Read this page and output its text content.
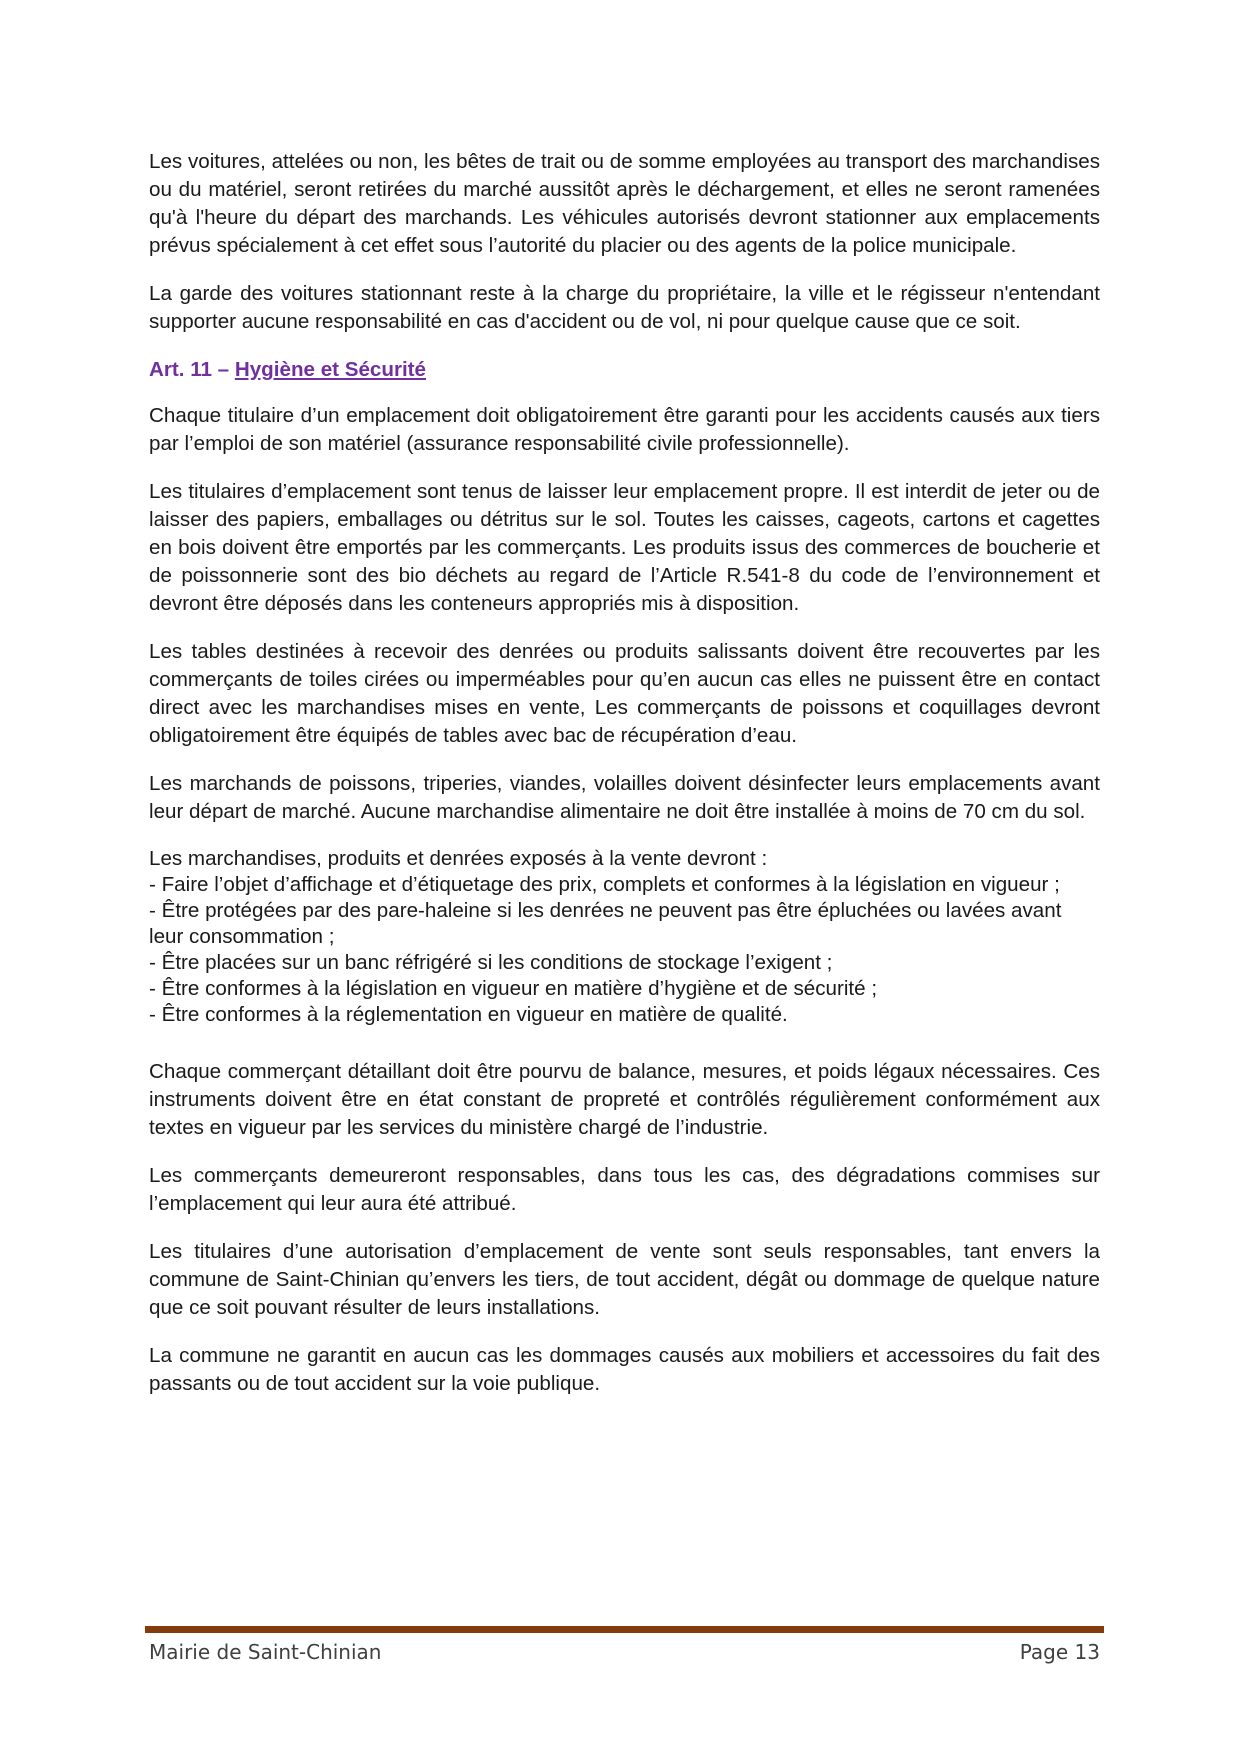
Les voitures, attelées ou non, les bêtes de trait ou de somme employées au transport des marchandises ou du matériel, seront retirées du marché aussitôt après le déchargement, et elles ne seront ramenées qu'à l'heure du départ des marchands. Les véhicules autorisés devront stationner aux emplacements prévus spécialement à cet effet sous l’autorité du placier ou des agents de la police municipale.

La garde des voitures stationnant reste à la charge du propriétaire, la ville et le régisseur n'entendant supporter aucune responsabilité en cas d'accident ou de vol, ni pour quelque cause que ce soit.

Art. 11 – Hygiène et Sécurité

Chaque titulaire d’un emplacement doit obligatoirement être garanti pour les accidents causés aux tiers par l’emploi de son matériel (assurance responsabilité civile professionnelle).

Les titulaires d’emplacement sont tenus de laisser leur emplacement propre. Il est interdit de jeter ou de laisser des papiers, emballages ou détritus sur le sol. Toutes les caisses, cageots, cartons et cagettes en bois doivent être emportés par les commerçants. Les produits issus des commerces de boucherie et de poissonnerie sont des bio déchets au regard de l’Article R.541-8 du code de l’environnement et devront être déposés dans les conteneurs appropriés mis à disposition.

Les tables destinées à recevoir des denrées ou produits salissants doivent être recouvertes par les commerçants de toiles cirées ou imperméables pour qu’en aucun cas elles ne puissent être en contact direct avec les marchandises mises en vente, Les commerçants de poissons et coquillages devront obligatoirement être équipés de tables avec bac de récupération d’eau.

Les marchands de poissons, triperies, viandes, volailles doivent désinfecter leurs emplacements avant leur départ de marché. Aucune marchandise alimentaire ne doit être installée à moins de 70 cm du sol.

Les marchandises, produits et denrées exposés à la vente devront :
- Faire l’objet d’affichage et d’étiquetage des prix, complets et conformes à la législation en vigueur ;
- Être protégées par des pare-haleine si les denrées ne peuvent pas être épluchées ou lavées avant leur consommation ;
- Être placées sur un banc réfrigéré si les conditions de stockage l’exigent ;
- Être conformes à la législation en vigueur en matière d’hygiène et de sécurité ;
- Être conformes à la réglementation en vigueur en matière de qualité.

Chaque commerçant détaillant doit être pourvu de balance, mesures, et poids légaux nécessaires. Ces instruments doivent être en état constant de propreté et contrôlés régulièrement conformément aux textes en vigueur par les services du ministère chargé de l’industrie.

Les commerçants demeureront responsables, dans tous les cas, des dégradations commises sur l’emplacement qui leur aura été attribué.

Les titulaires d’une autorisation d’emplacement de vente sont seuls responsables, tant envers la commune de Saint-Chinian qu’envers les tiers, de tout accident, dégât ou dommage de quelque nature que ce soit pouvant résulter de leurs installations.

La commune ne garantit en aucun cas les dommages causés aux mobiliers et accessoires du fait des passants ou de tout accident sur la voie publique.

Mairie de Saint-Chinian	Page 13
